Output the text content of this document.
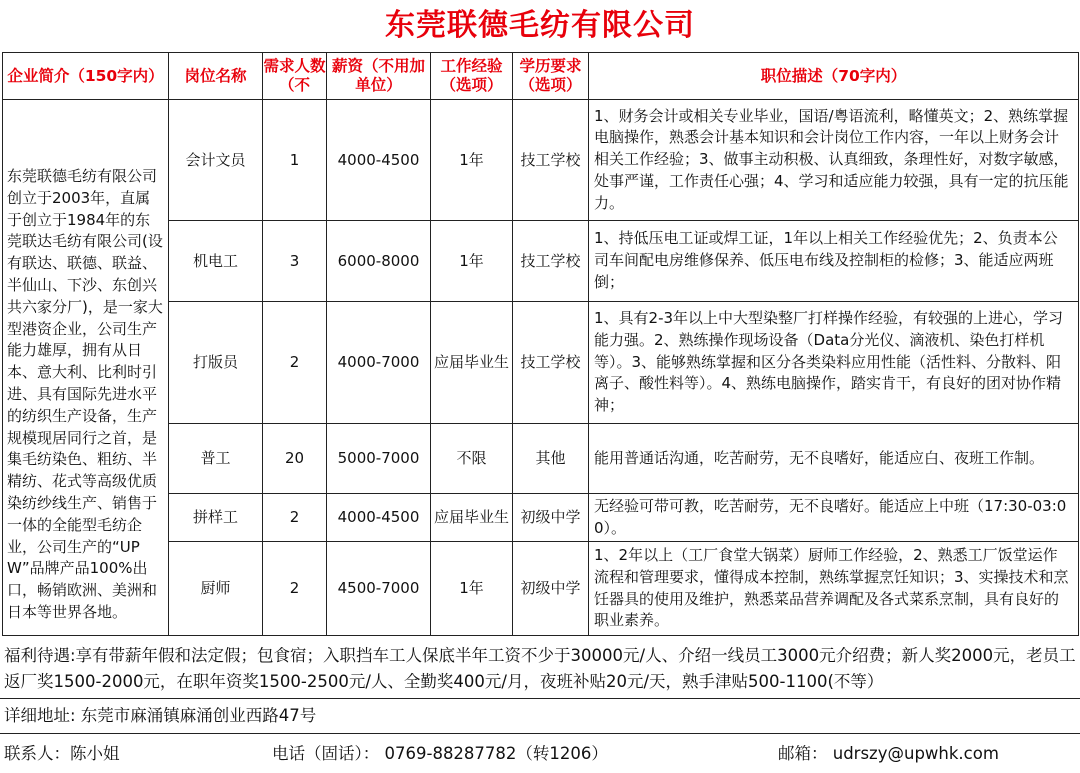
东莞联德毛纺有限公司
企业简介（150字内）	岗位名称	需求人数（不	薪资（不用加单位）	工作经验（选项）	学历要求（选项）	职位描述（70字内）
东莞联德毛纺有限公司创立于2003年，直属于创立于1984年的东莞联达毛纺有限公司(设有联达、联德、联益、半仙山、下沙、东创兴共六家分厂)，是一家大型港资企业，公司生产能力雄厚，拥有从日本、意大利、比利时引进、具有国际先进水平的纺织生产设备，生产规模现居同行之首，是集毛纺染色、粗纺、半精纺、花式等高级优质染纺纱线生产、销售于一体的全能型毛纺企业，公司生产的“UPW”品牌产品100%出口，畅销欧洲、美洲和日本等世界各地。	会计文员	1	4000-4500	1年	技工学校	1、财务会计或相关专业毕业，国语/粤语流利，略懂英文；2、熟练掌握电脑操作，熟悉会计基本知识和会计岗位工作内容，一年以上财务会计相关工作经验；3、做事主动积极、认真细致，条理性好，对数字敏感，处事严谨，工作责任心强；4、学习和适应能力较强，具有一定的抗压能力。
	机电工	3	6000-8000	1年	技工学校	1、持低压电工证或焊工证，1年以上相关工作经验优先；2、负责本公司车间配电房维修保养、低压电布线及控制柜的检修；3、能适应两班倒；
	打版员	2	4000-7000	应届毕业生	技工学校	1、具有2-3年以上中大型染整厂打样操作经验，有较强的上进心，学习能力强。2、熟练操作现场设备（Data分光仪、滴液机、染色打样机等）。3、能够熟练掌握和区分各类染料应用性能（活性料、分散料、阳离子、酸性料等）。4、熟练电脑操作，踏实肯干，有良好的团对协作精神；
	普工	20	5000-7000	不限	其他	能用普通话沟通，吃苦耐劳，无不良嗜好，能适应白、夜班工作制。
	拼样工	2	4000-4500	应届毕业生	初级中学	无经验可带可教，吃苦耐劳，无不良嗜好。能适应上中班（17:30-03:00）。
	厨师	2	4500-7000	1年	初级中学	1、2年以上（工厂食堂大锅菜）厨师工作经验，2、熟悉工厂饭堂运作流程和管理要求，懂得成本控制，熟练掌握烹饪知识；3、实操技术和烹饪器具的使用及维护，熟悉菜品营养调配及各式菜系烹制，具有良好的职业素养。
福利待遇:享有带薪年假和法定假；包食宿；入职挡车工人保底半年工资不少于30000元/人、介绍一线员工3000元介绍费；新人奖2000元，老员工返厂奖1500-2000元，在职年资奖1500-2500元/人、全勤奖400元/月，夜班补贴20元/天，熟手津贴500-1100(不等）
详细地址: 东莞市麻涌镇麻涌创业西路47号
联系人：陈小姐	电话（固话）： 0769-88287782（转1206）	邮箱： udrszy@upwhk.com
